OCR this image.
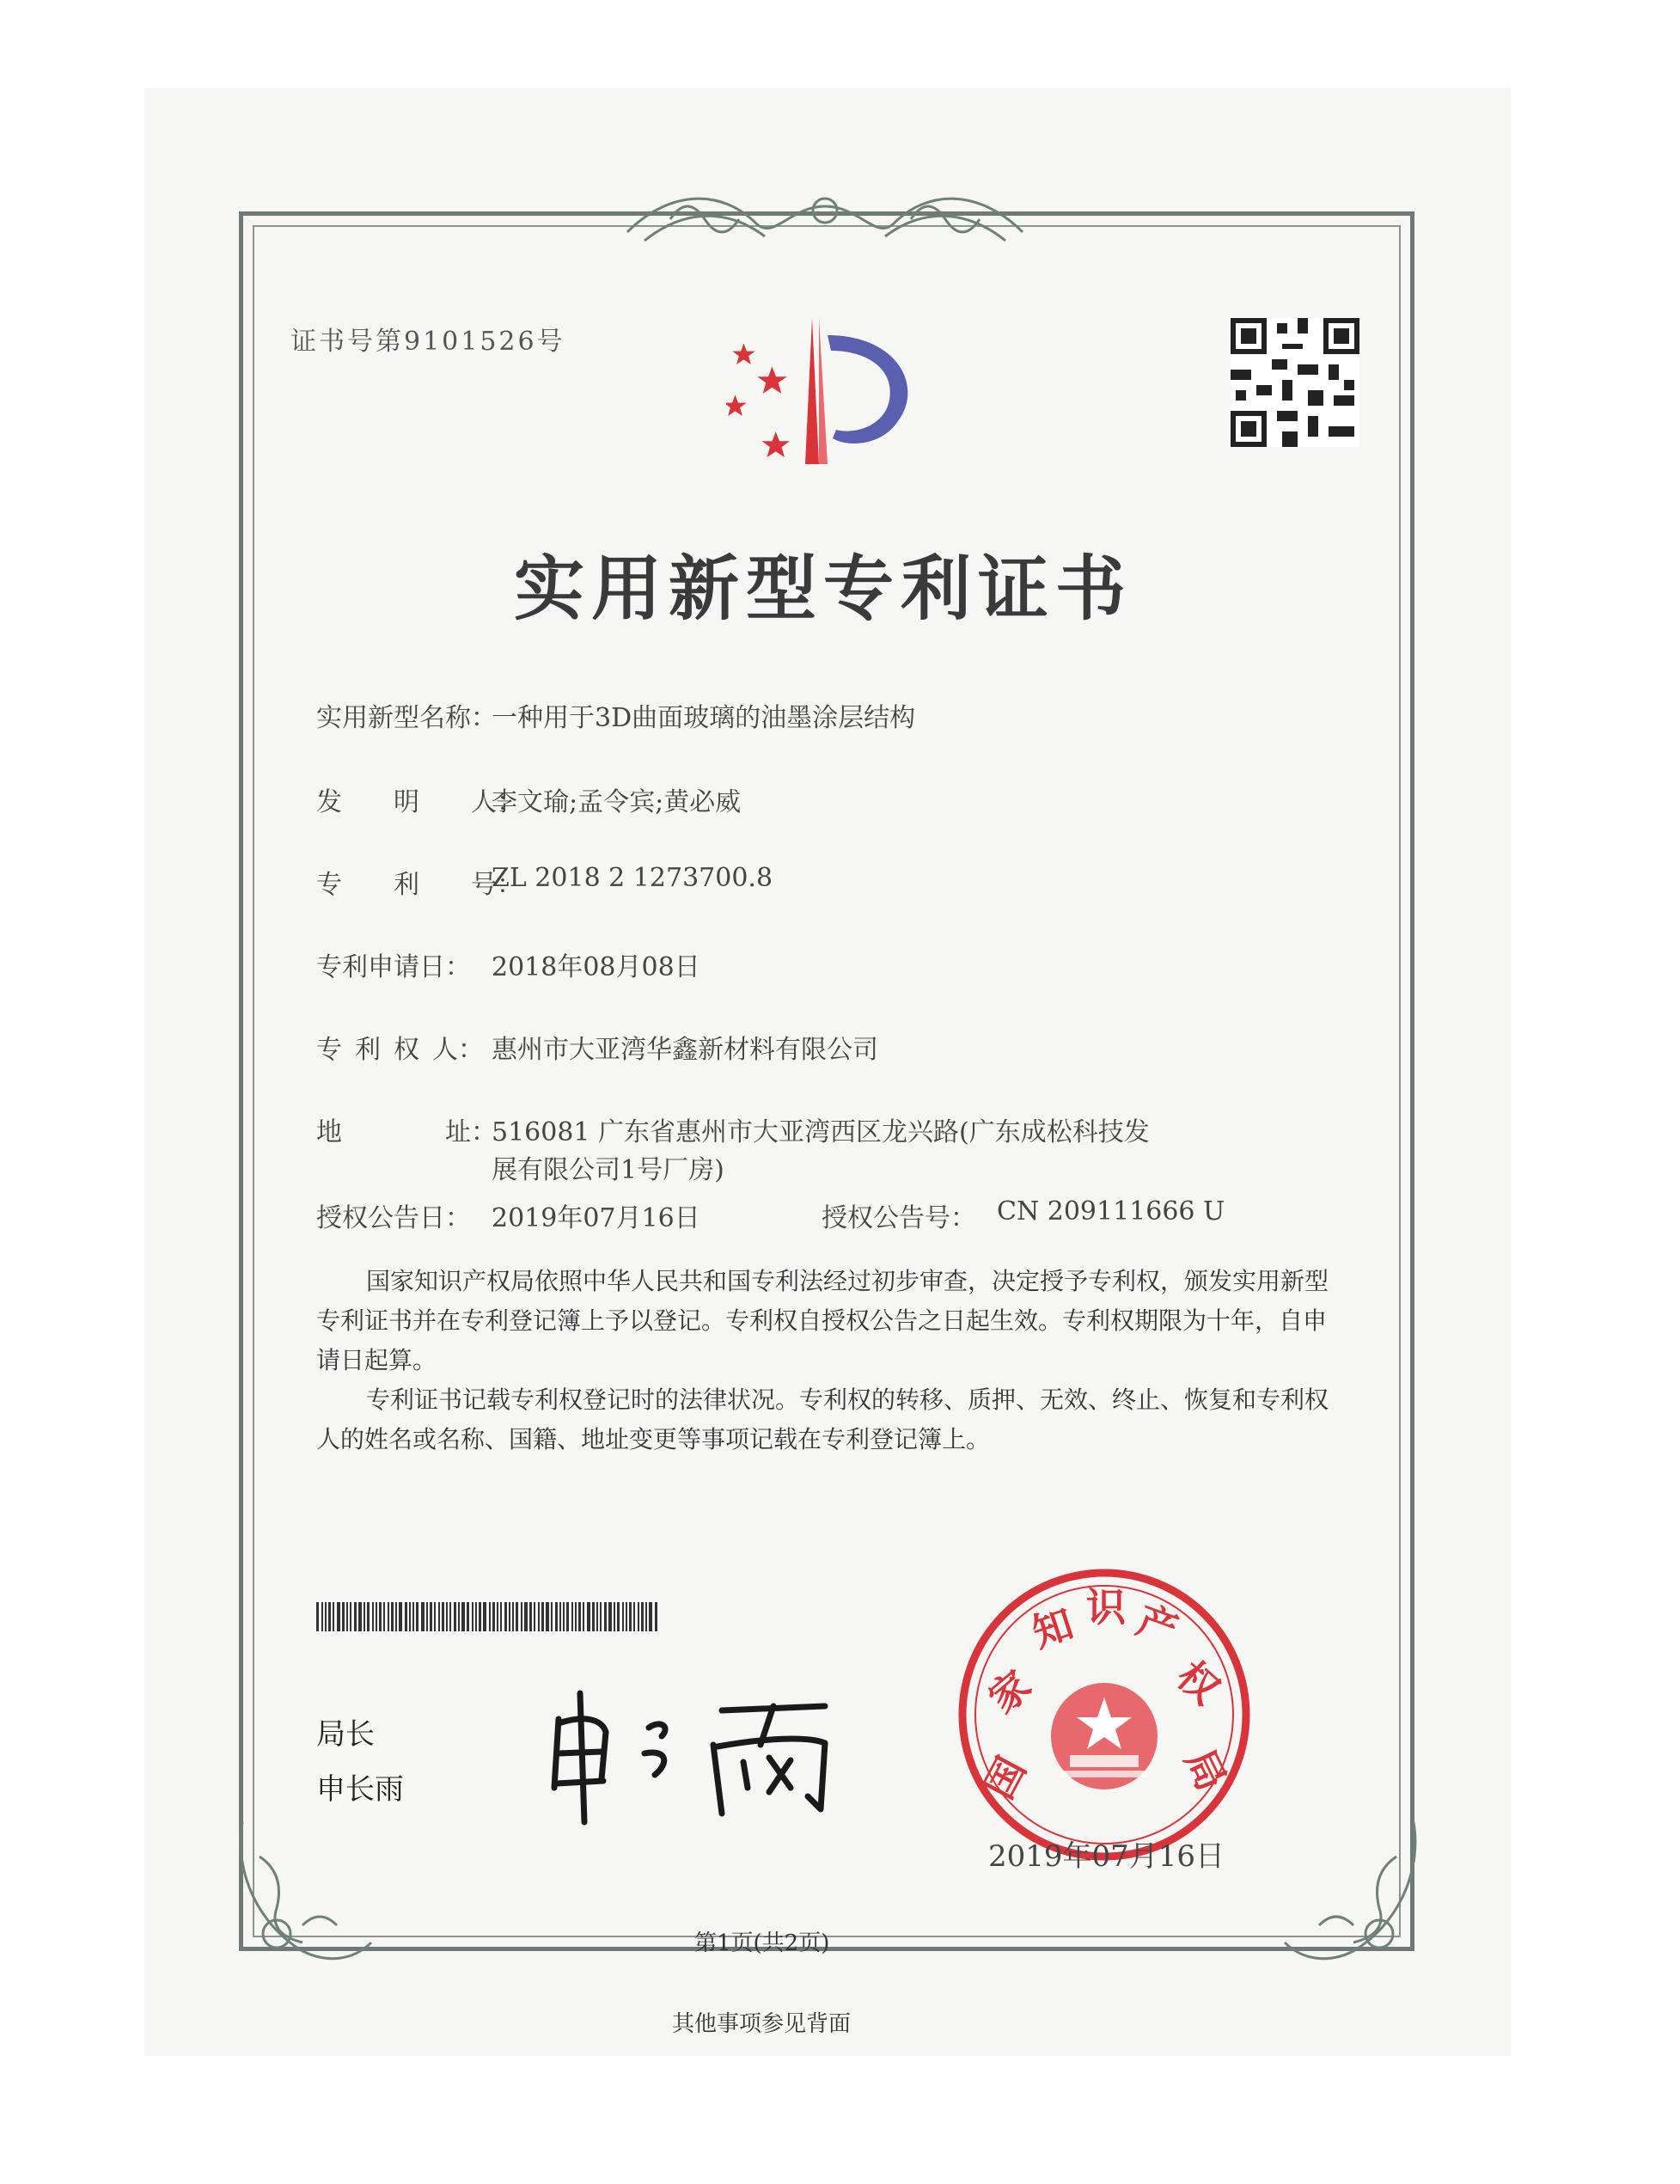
证书号第9101526号
实用新型专利证书
实用新型名称：
一种用于3D曲面玻璃的油墨涂层结构
发　　明　　人：
李文瑜;孟令宾;黄必威
专　　利　　号：
ZL 2018 2 1273700.8
专利申请日： 2018年08月08日
专 利 权 人： 惠州市大亚湾华鑫新材料有限公司
地　　　　址：
516081 广东省惠州市大亚湾西区龙兴路(广东成松科技发
展有限公司1号厂房)
授权公告日： 2019年07月16日	授权公告号： CN 209111666 U
国家知识产权局依照中华人民共和国专利法经过初步审查，决定授予专利权，颁发实用新型专利证书并在专利登记簿上予以登记。专利权自授权公告之日起生效。专利权期限为十年，自申请日起算。
专利证书记载专利权登记时的法律状况。专利权的转移、质押、无效、终止、恢复和专利权人的姓名或名称、国籍、地址变更等事项记载在专利登记簿上。
局长
申长雨	国
家
知 识 产
权
局
2019年07月16日
第1页(共2页)
其他事项参见背面
